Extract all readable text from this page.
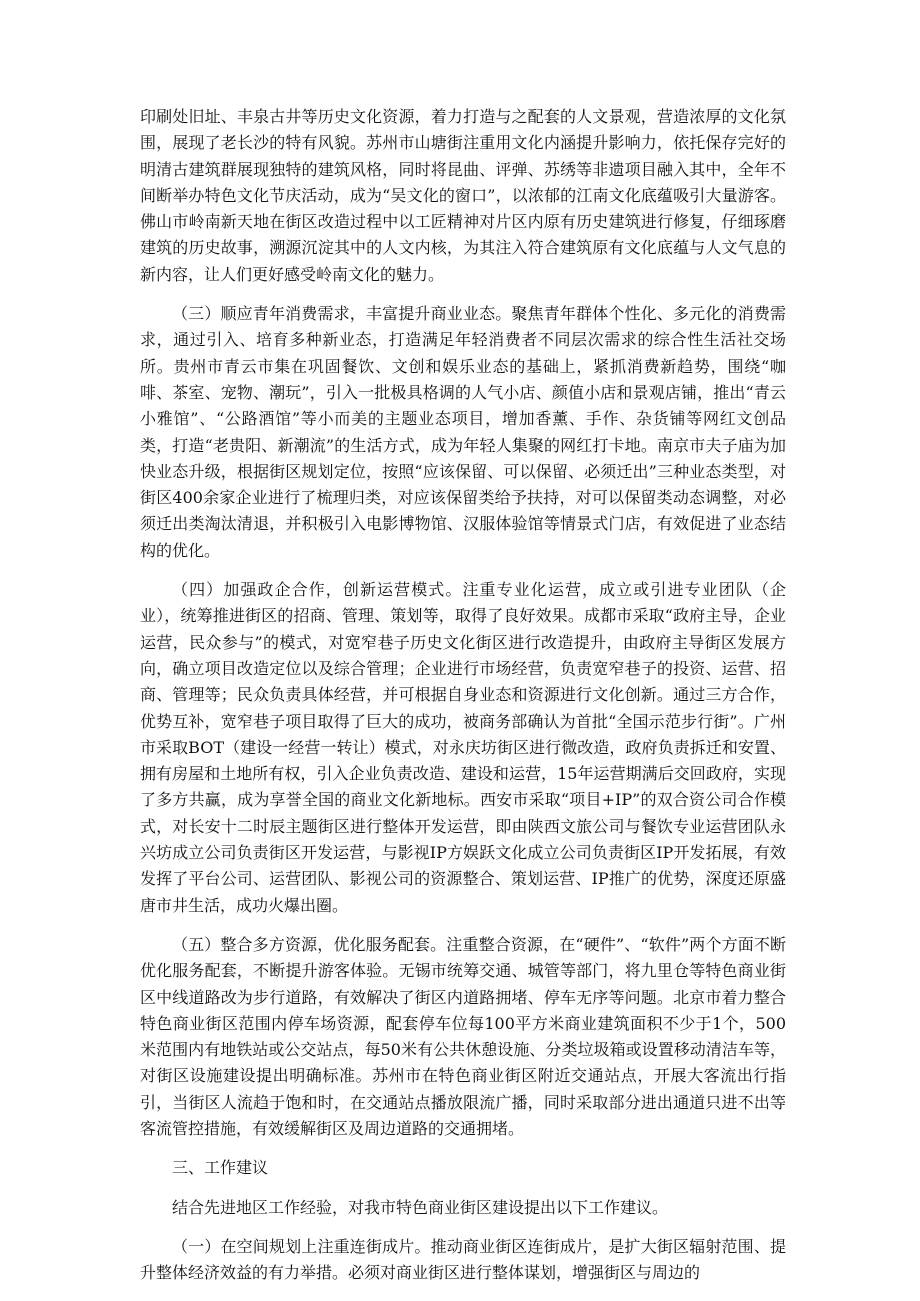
印刷处旧址、丰泉古井等历史文化资源，着力打造与之配套的人文景观，营造浓厚的文化氛围，展现了老长沙的特有风貌。苏州市山塘街注重用文化内涵提升影响力，依托保存完好的明清古建筑群展现独特的建筑风格，同时将昆曲、评弹、苏绣等非遗项目融入其中，全年不间断举办特色文化节庆活动，成为“吴文化的窗口”，以浓郁的江南文化底蕴吸引大量游客。佛山市岭南新天地在街区改造过程中以工匠精神对片区内原有历史建筑进行修复，仔细琢磨建筑的历史故事，溯源沉淀其中的人文内核，为其注入符合建筑原有文化底蕴与人文气息的新内容，让人们更好感受岭南文化的魅力。

（三）顺应青年消费需求，丰富提升商业业态。聚焦青年群体个性化、多元化的消费需求，通过引入、培育多种新业态，打造满足年轻消费者不同层次需求的综合性生活社交场所。贵州市青云市集在巩固餐饮、文创和娱乐业态的基础上，紧抓消费新趋势，围绕“咖啡、茶室、宠物、潮玩”，引入一批极具格调的人气小店、颜值小店和景观店铺，推出“青云小雅馆”、“公路酒馆”等小而美的主题业态项目，增加香薰、手作、杂货铺等网红文创品类，打造“老贵阳、新潮流”的生活方式，成为年轻人集聚的网红打卡地。南京市夫子庙为加快业态升级，根据街区规划定位，按照“应该保留、可以保留、必须迁出”三种业态类型，对街区400余家企业进行了梳理归类，对应该保留类给予扶持，对可以保留类动态调整，对必须迁出类淘汰清退，并积极引入电影博物馆、汉服体验馆等情景式门店，有效促进了业态结构的优化。

（四）加强政企合作，创新运营模式。注重专业化运营，成立或引进专业团队（企业），统筹推进街区的招商、管理、策划等，取得了良好效果。成都市采取“政府主导，企业运营，民众参与”的模式，对宽窄巷子历史文化街区进行改造提升，由政府主导街区发展方向，确立项目改造定位以及综合管理；企业进行市场经营，负责宽窄巷子的投资、运营、招商、管理等；民众负责具体经营，并可根据自身业态和资源进行文化创新。通过三方合作，优势互补，宽窄巷子项目取得了巨大的成功，被商务部确认为首批“全国示范步行街”。广州市采取BOT（建设一经营一转让）模式，对永庆坊街区进行微改造，政府负责拆迁和安置、拥有房屋和土地所有权，引入企业负责改造、建设和运营，15年运营期满后交回政府，实现了多方共赢，成为享誉全国的商业文化新地标。西安市采取“项目+IP”的双合资公司合作模式，对长安十二时辰主题街区进行整体开发运营，即由陕西文旅公司与餐饮专业运营团队永兴坊成立公司负责街区开发运营，与影视IP方娱跃文化成立公司负责街区IP开发拓展，有效发挥了平台公司、运营团队、影视公司的资源整合、策划运营、IP推广的优势，深度还原盛唐市井生活，成功火爆出圈。

（五）整合多方资源，优化服务配套。注重整合资源，在“硬件”、“软件”两个方面不断优化服务配套，不断提升游客体验。无锡市统筹交通、城管等部门，将九里仓等特色商业街区中线道路改为步行道路，有效解决了街区内道路拥堵、停车无序等问题。北京市着力整合特色商业街区范围内停车场资源，配套停车位每100平方米商业建筑面积不少于1个，500米范围内有地铁站或公交站点，每50米有公共休憩设施、分类垃圾箱或设置移动清洁车等，对街区设施建设提出明确标准。苏州市在特色商业街区附近交通站点，开展大客流出行指引，当街区人流趋于饱和时，在交通站点播放限流广播，同时采取部分进出通道只进不出等客流管控措施，有效缓解街区及周边道路的交通拥堵。

三、工作建议

结合先进地区工作经验，对我市特色商业街区建设提出以下工作建议。

（一）在空间规划上注重连街成片。推动商业街区连街成片，是扩大街区辐射范围、提升整体经济效益的有力举措。必须对商业街区进行整体谋划，增强街区与周边的
